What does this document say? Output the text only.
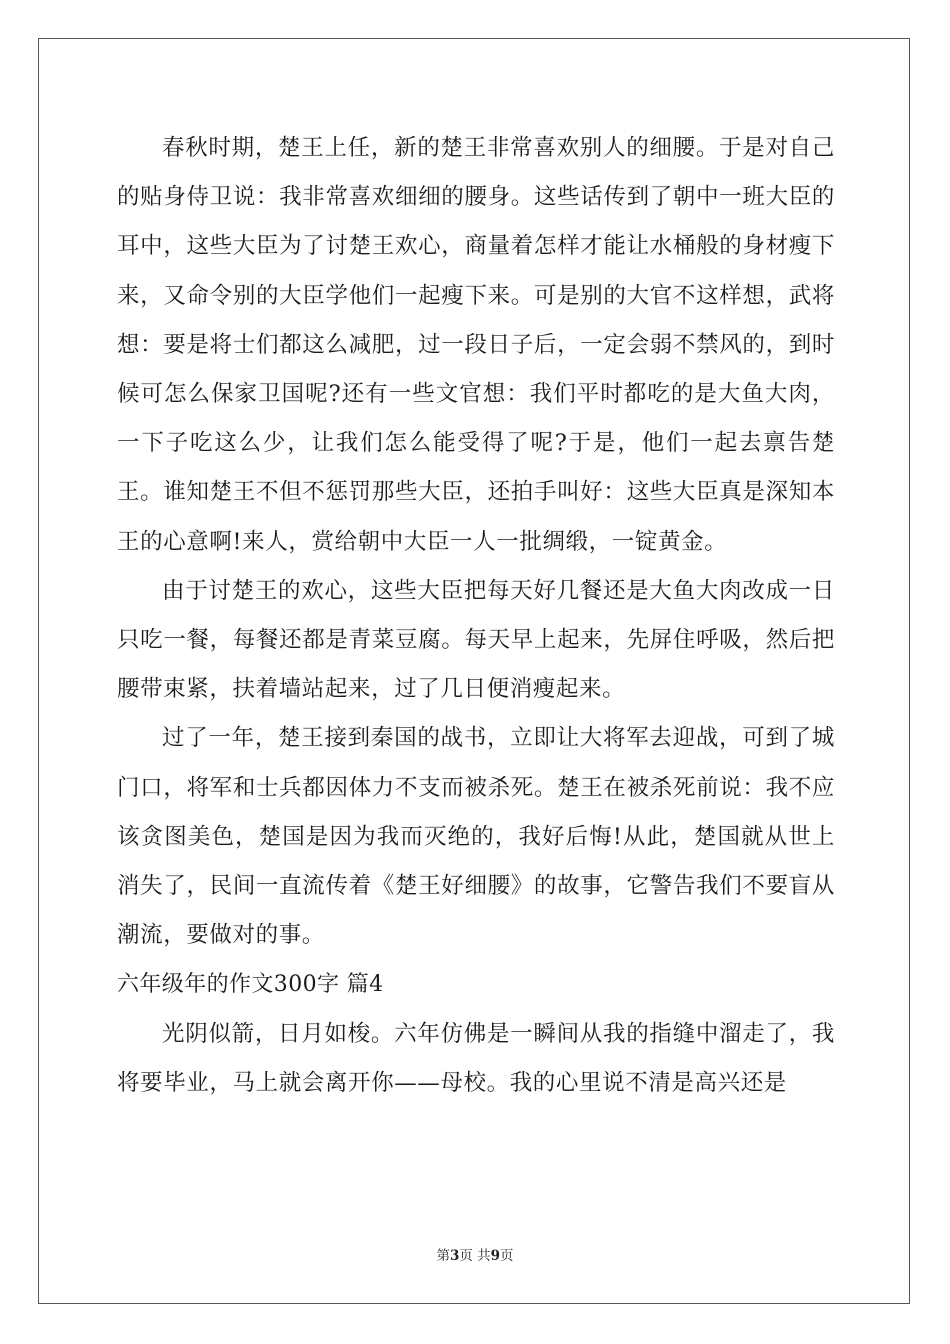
春秋时期，楚王上任，新的楚王非常喜欢别人的细腰。于是对自己的贴身侍卫说：我非常喜欢细细的腰身。这些话传到了朝中一班大臣的耳中，这些大臣为了讨楚王欢心，商量着怎样才能让水桶般的身材瘦下来，又命令别的大臣学他们一起瘦下来。可是别的大官不这样想，武将想：要是将士们都这么减肥，过一段日子后，一定会弱不禁风的，到时候可怎么保家卫国呢?还有一些文官想：我们平时都吃的是大鱼大肉，一下子吃这么少，让我们怎么能受得了呢?于是，他们一起去禀告楚王。谁知楚王不但不惩罚那些大臣，还拍手叫好：这些大臣真是深知本王的心意啊!来人，赏给朝中大臣一人一批绸缎，一锭黄金。

由于讨楚王的欢心，这些大臣把每天好几餐还是大鱼大肉改成一日只吃一餐，每餐还都是青菜豆腐。每天早上起来，先屏住呼吸，然后把腰带束紧，扶着墙站起来，过了几日便消瘦起来。

过了一年，楚王接到秦国的战书，立即让大将军去迎战，可到了城门口，将军和士兵都因体力不支而被杀死。楚王在被杀死前说：我不应该贪图美色，楚国是因为我而灭绝的，我好后悔!从此，楚国就从世上消失了，民间一直流传着《楚王好细腰》的故事，它警告我们不要盲从潮流，要做对的事。

六年级年的作文300字 篇4

光阴似箭，日月如梭。六年仿佛是一瞬间从我的指缝中溜走了，我将要毕业，马上就会离开你——母校。我的心里说不清是高兴还是

第3页 共9页
